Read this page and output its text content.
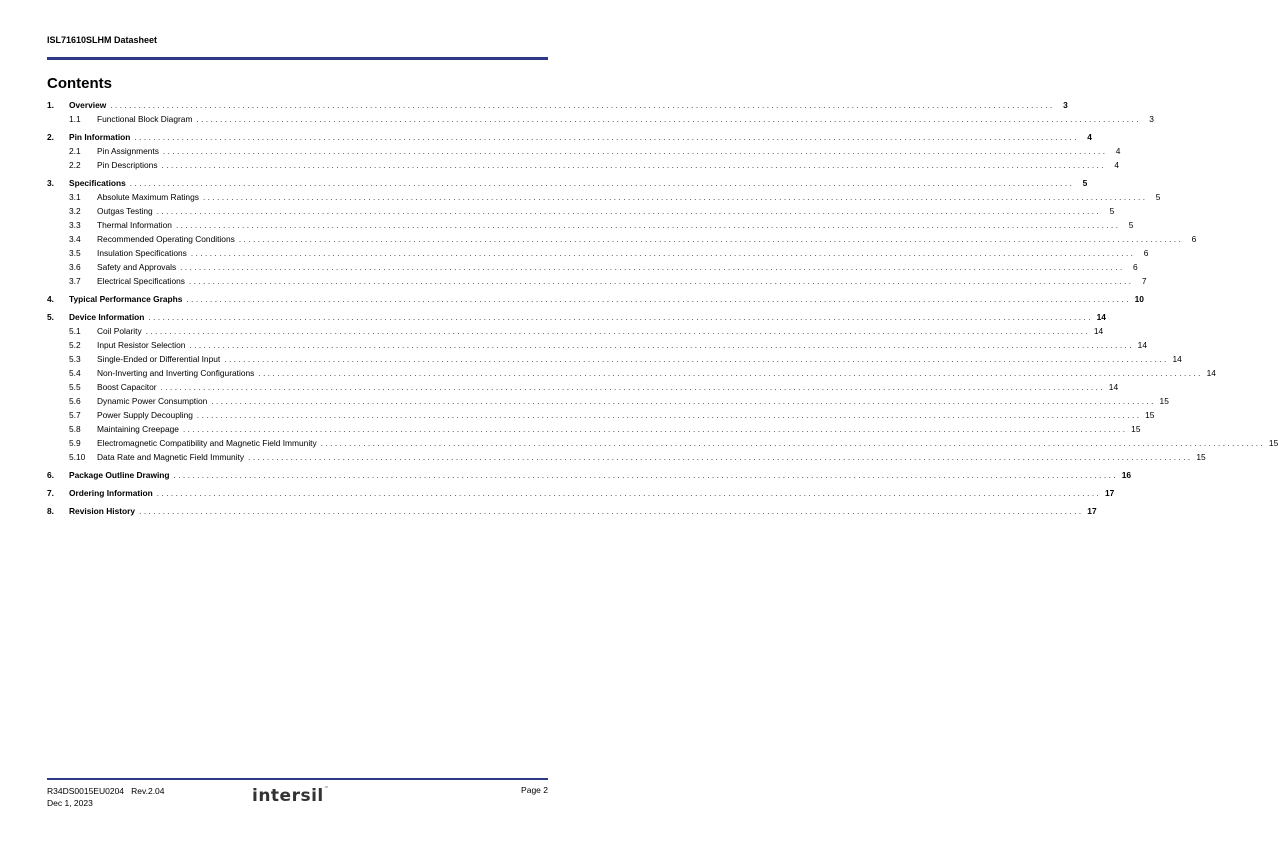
ISL71610SLHM Datasheet
Contents
1.	Overview ........................................................................................................................................................................................................ 3
1.1	Functional Block Diagram ........................................................................................................................................................................................................ 3
2.	Pin Information ........................................................................................................................................................................................................ 4
2.1	Pin Assignments ........................................................................................................................................................................................................ 4
2.2	Pin Descriptions ........................................................................................................................................................................................................ 4
3.	Specifications ........................................................................................................................................................................................................ 5
3.1	Absolute Maximum Ratings ........................................................................................................................................................................................................ 5
3.2	Outgas Testing ........................................................................................................................................................................................................ 5
3.3	Thermal Information ........................................................................................................................................................................................................ 5
3.4	Recommended Operating Conditions ........................................................................................................................................................................................................ 6
3.5	Insulation Specifications ........................................................................................................................................................................................................ 6
3.6	Safety and Approvals ........................................................................................................................................................................................................ 6
3.7	Electrical Specifications ........................................................................................................................................................................................................ 7
4.	Typical Performance Graphs ........................................................................................................................................................................................................ 10
5.	Device Information ........................................................................................................................................................................................................ 14
5.1	Coil Polarity ........................................................................................................................................................................................................ 14
5.2	Input Resistor Selection ........................................................................................................................................................................................................ 14
5.3	Single-Ended or Differential Input ........................................................................................................................................................................................................ 14
5.4	Non-Inverting and Inverting Configurations ........................................................................................................................................................................................................ 14
5.5	Boost Capacitor ........................................................................................................................................................................................................ 14
5.6	Dynamic Power Consumption ........................................................................................................................................................................................................ 15
5.7	Power Supply Decoupling ........................................................................................................................................................................................................ 15
5.8	Maintaining Creepage ........................................................................................................................................................................................................ 15
5.9	Electromagnetic Compatibility and Magnetic Field Immunity ........................................................................................................................................................................................................ 15
5.10	Data Rate and Magnetic Field Immunity ........................................................................................................................................................................................................ 15
6.	Package Outline Drawing ........................................................................................................................................................................................................ 16
7.	Ordering Information ........................................................................................................................................................................................................ 17
8.	Revision History ........................................................................................................................................................................................................ 17
R34DS0015EU0204 Rev.2.04
Dec 1, 2023	intersil™	Page 2
